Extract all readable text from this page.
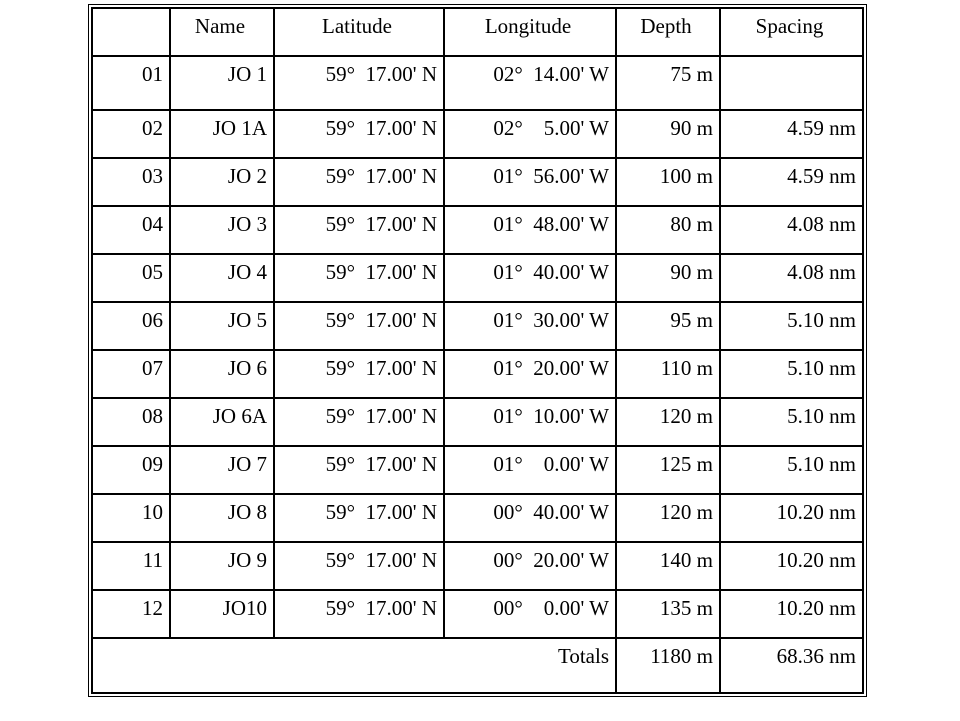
	Name	Latitude	Longitude	Depth	Spacing
01	JO 1	59°  17.00' N	02°  14.00' W	75 m	
02	JO 1A	59°  17.00' N	02°    5.00' W	90 m	4.59 nm
03	JO 2	59°  17.00' N	01°  56.00' W	100 m	4.59 nm
04	JO 3	59°  17.00' N	01°  48.00' W	80 m	4.08 nm
05	JO 4	59°  17.00' N	01°  40.00' W	90 m	4.08 nm
06	JO 5	59°  17.00' N	01°  30.00' W	95 m	5.10 nm
07	JO 6	59°  17.00' N	01°  20.00' W	110 m	5.10 nm
08	JO 6A	59°  17.00' N	01°  10.00' W	120 m	5.10 nm
09	JO 7	59°  17.00' N	01°    0.00' W	125 m	5.10 nm
10	JO 8	59°  17.00' N	00°  40.00' W	120 m	10.20 nm
11	JO 9	59°  17.00' N	00°  20.00' W	140 m	10.20 nm
12	JO10	59°  17.00' N	00°    0.00' W	135 m	10.20 nm
Totals				1180 m	68.36 nm
